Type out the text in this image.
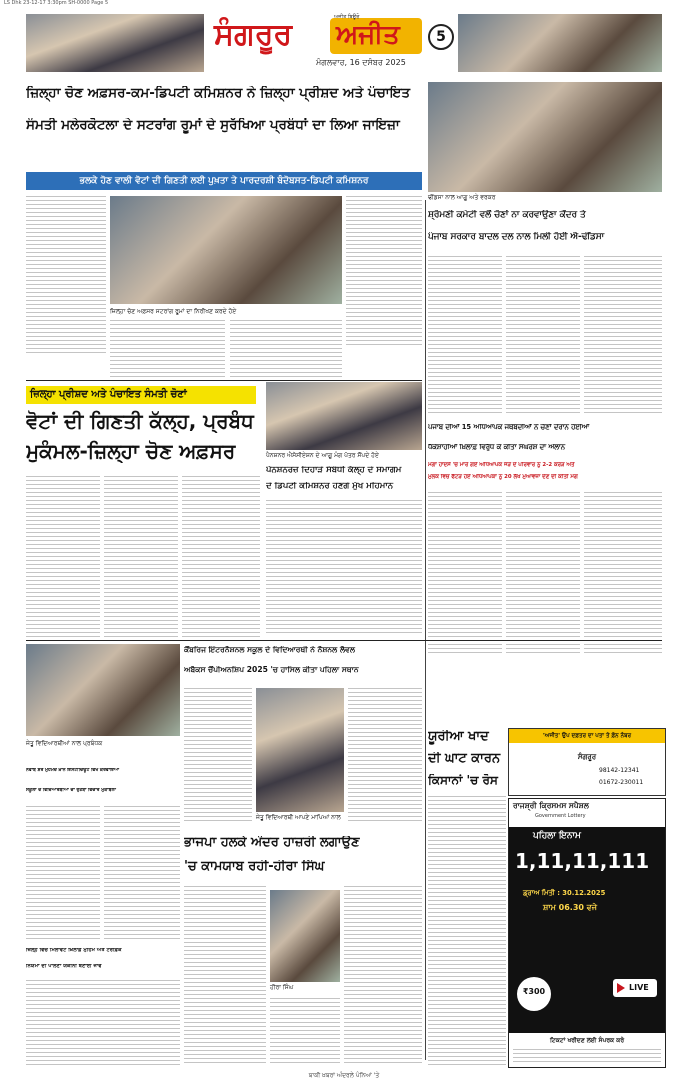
LS Dhk 23-12-17 3:30pm SH-0000 Page 5
ਸੰਗਰੂਰ ਅਜੀਤ
ਅਜੀਤ ਬਿਊਰੋ
ਮੰਗਲਵਾਰ, 16 ਦਸੰਬਰ 2025
5
ਜ਼ਿਲ੍ਹਾ ਚੋਣ ਅਫ਼ਸਰ-ਕਮ-ਡਿਪਟੀ ਕਮਿਸ਼ਨਰ ਨੇ ਜ਼ਿਲ੍ਹਾ ਪ੍ਰੀਸ਼ਦ ਅਤੇ ਪੰਚਾਇਤ
ਸੰਮਤੀ ਮਲੇਰਕੋਟਲਾ ਦੇ ਸਟਰਾਂਗ ਰੂਮਾਂ ਦੇ ਸੁਰੱਖਿਆ ਪ੍ਰਬੰਧਾਂ ਦਾ ਲਿਆ ਜਾਇਜ਼ਾ
ਭਲਕੇ ਹੋਣ ਵਾਲੀ ਵੋਟਾਂ ਦੀ ਗਿਣਤੀ ਲਈ ਪੁਖ਼ਤਾ ਤੇ ਪਾਰਦਰਸ਼ੀ ਬੰਦੋਬਸਤ-ਡਿਪਟੀ ਕਮਿਸ਼ਨਰ
ਢੀਂਡਸਾ ਨਾਲ ਆਗੂ ਅਤੇ ਵਰਕਰ
ਜ਼ਿਲ੍ਹਾ ਚੋਣ ਅਫ਼ਸਰ ਸਟਰਾਂਗ ਰੂਮਾਂ ਦਾ ਨਿਰੀਖਣ ਕਰਦੇ ਹੋਏ
ਜ਼ਿਲ੍ਹਾ ਪ੍ਰੀਸ਼ਦ ਅਤੇ ਪੰਚਾਇਤ ਸੰਮਤੀ ਚੋਣਾਂ
ਵੋਟਾਂ ਦੀ ਗਿਣਤੀ ਕੱਲ੍ਹ, ਪ੍ਰਬੰਧ
ਮੁਕੰਮਲ-ਜ਼ਿਲ੍ਹਾ ਚੋਣ ਅਫ਼ਸਰ	ਪੈਨਸ਼ਨਰ ਐਸੋਸੀਏਸ਼ਨ ਦੇ ਆਗੂ ਮੰਗ ਪੱਤਰ ਸੌਂਪਦੇ ਹੋਏ
ਪੈਨਸ਼ਨਰਜ਼ ਦਿਹਾੜੇ ਸੰਬੰਧੀ ਕੱਲ੍ਹ ਦੇ ਸਮਾਗਮ
ਦੇ ਡਿਪਟੀ ਕਮਿਸ਼ਨਰ ਹੋਣਗੇ ਮੁੱਖ ਮਹਿਮਾਨ
ਸ਼੍ਰੋਮਣੀ ਕਮੇਟੀ ਵਲੋਂ ਚੋਣਾਂ ਨਾ ਕਰਵਾਉਣਾ ਕੇਂਦਰ ਤੇ
ਪੰਜਾਬ ਸਰਕਾਰ ਬਾਦਲ ਦਲ ਨਾਲ ਮਿਲੀ ਹੋਈ ਐ-ਢੀਂਡਸਾ
ਪੰਜਾਬ ਦੀਆਂ 15 ਅਧਿਆਪਕ ਜਥੇਬੰਦੀਆਂ ਨੇ ਚੋਣਾਂ ਦੌਰਾਨ ਹੋਈਆਂ
ਧੱਕੇਸ਼ਾਹੀਆਂ ਖ਼ਿਲਾਫ਼ ਵਿਰੁੱਧ ਕੋ ਕੀਤਾ ਸੰਘਰਸ਼ ਦਾ ਐਲਾਨ
ਮੋਗਾ ਹਾਦਸੇ 'ਚ ਮਾਰੇ ਗਏ ਅਧਿਆਪਕ ਜੋੜੇ ਦੇ ਪਰਿਵਾਰ ਨੂੰ 2-2 ਕਰੋੜ ਅਤੇ
ਮੁਲਕ ਵਿਚ ਫੱਟੜ ਹੋਏ ਅਧਿਆਪਕਾ ਨੂੰ 20 ਲੱਖ ਮੁਆਵਜ਼ਾ ਦੇਣ ਦੀ ਕੀਤੀ ਮੰਗ
ਜੇਤੂ ਵਿਦਿਆਰਥੀਆਂ ਨਾਲ ਪ੍ਰਬੰਧਕ
ਨਵਾਬ ਸ਼ੇਰ ਮੁਹੰਮਦ ਖ਼ਾਨ ਇੰਸਟੀਚਿਊਟ ਵਿਖੇ ਕਰਵਾਇਆ
ਸਕੂਲਾਂ ਦੇ ਵਿਦਿਆਰਥੀਆਂ ਦਾ ਰੁਤਬਾ ਵਿਚਾਰ ਮੁਕਾਬਲਾ
ਜ਼ਿਲ੍ਹੇ ਵਿਚ ਮਿਲਾਵਟ ਖ਼ਿਲਾਫ਼ ਮੁਹਿੰਮ ਅਤੇ ਟਰੈਫ਼ਿਕ
ਨਿਯਮਾਂ ਦੀ ਪਾਲਣਾ ਯਕੀਨੀ ਬਣਾਈ ਜਾਵੇ
ਕੈਂਬਰਿਜ ਇੰਟਰਨੈਸ਼ਨਲ ਸਕੂਲ ਦੇ ਵਿਦਿਆਰਥੀ ਨੇ ਨੈਸ਼ਨਲ ਲੈਵਲ
ਅਬੈਕਸ ਚੈਂਪੀਅਨਸ਼ਿਪ 2025 'ਚ ਹਾਸਿਲ ਕੀਤਾ ਪਹਿਲਾ ਸਥਾਨ
ਜੇਤੂ ਵਿਦਿਆਰਥੀ ਆਪਣੇ ਮਾਪਿਆਂ ਨਾਲ
ਭਾਜਪਾ ਹਲਕੇ ਅੰਦਰ ਹਾਜ਼ਰੀ ਲਗਾਉਣ
'ਚ ਕਾਮਯਾਬ ਰਹੀ-ਹੀਰਾ ਸਿੰਘ
ਹੀਰਾ ਸਿੰਘ
ਯੂਰੀਆ ਖਾਦ
ਦੀ ਘਾਟ ਕਾਰਨ
ਕਿਸਾਨਾਂ 'ਚ ਰੋਸ
'ਅਜੀਤ' ਉਪ ਦਫ਼ਤਰ ਦਾ ਪਤਾ ਤੇ ਫ਼ੋਨ ਨੰਬਰ
ਸੰਗਰੂਰ
98142-12341
01672-230011
ਰਾਜਸ਼੍ਰੀ ਕ੍ਰਿਸਮਸ ਸਪੈਸ਼ਲ
Government Lottery
ਪਹਿਲਾ ਇਨਾਮ
1,11,11,111
ਡ੍ਰਾਅ ਮਿਤੀ : 30.12.2025
ਸ਼ਾਮ 06.30 ਵਜੇ
₹300	LIVE
ਟਿਕਟਾਂ ਖਰੀਦਣ ਲਈ ਸੰਪਰਕ ਕਰੋ
ਬਾਕੀ ਖ਼ਬਰਾਂ ਅੰਦਰਲੇ ਪੰਨਿਆਂ 'ਤੇ
